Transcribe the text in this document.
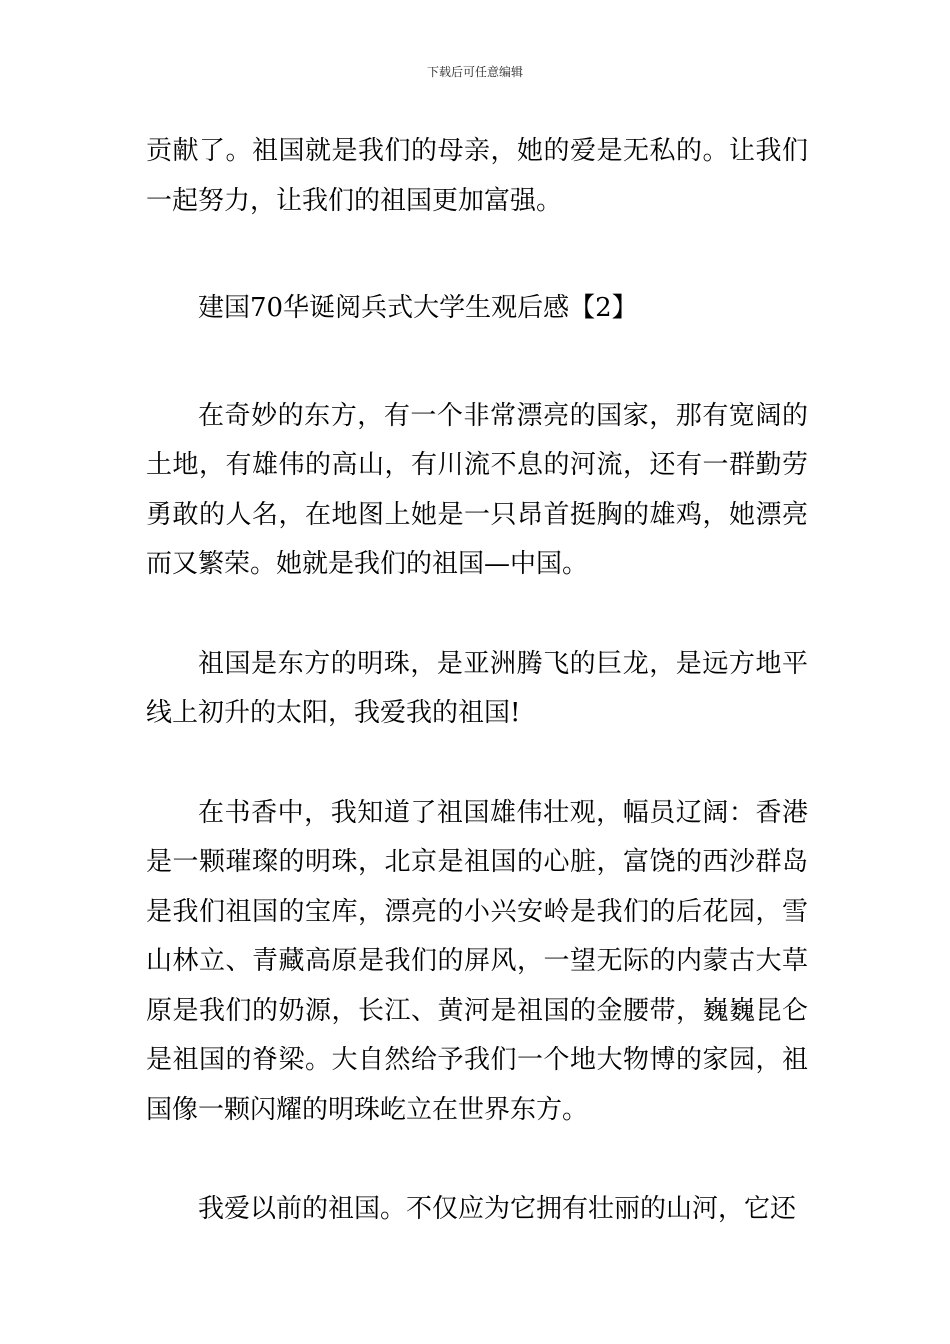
下载后可任意编辑

贡献了。祖国就是我们的母亲，她的爱是无私的。让我们一起努力，让我们的祖国更加富强。

建国70华诞阅兵式大学生观后感【2】

在奇妙的东方，有一个非常漂亮的国家，那有宽阔的土地，有雄伟的高山，有川流不息的河流，还有一群勤劳勇敢的人名，在地图上她是一只昂首挺胸的雄鸡，她漂亮而又繁荣。她就是我们的祖国—中国。

祖国是东方的明珠，是亚洲腾飞的巨龙，是远方地平线上初升的太阳，我爱我的祖国!

在书香中，我知道了祖国雄伟壮观，幅员辽阔：香港是一颗璀璨的明珠，北京是祖国的心脏，富饶的西沙群岛是我们祖国的宝库，漂亮的小兴安岭是我们的后花园，雪山林立、青藏高原是我们的屏风，一望无际的内蒙古大草原是我们的奶源，长江、黄河是祖国的金腰带，巍巍昆仑是祖国的脊梁。大自然给予我们一个地大物博的家园，祖国像一颗闪耀的明珠屹立在世界东方。

我爱以前的祖国。不仅应为它拥有壮丽的山河，它还
